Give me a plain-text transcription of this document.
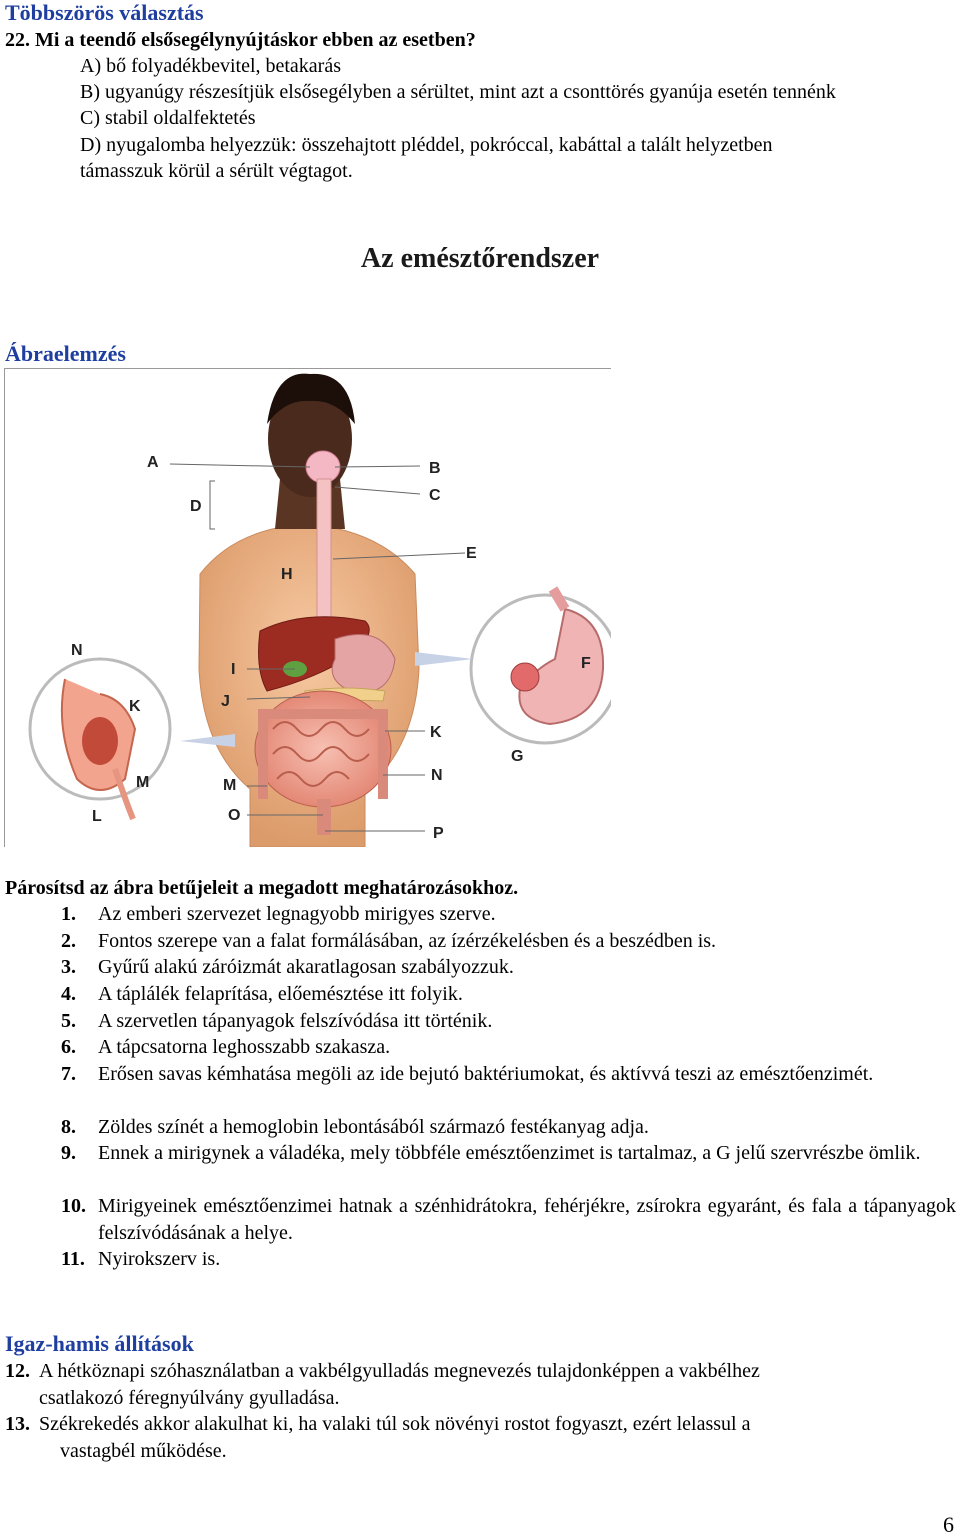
Többszörös választás
22. Mi a teendő elsősegélynyújtáskor ebben az esetben?
A) bő folyadékbevitel, betakarás
B) ugyanúgy részesítjük elsősegélyben a sérültet, mint azt a csonttörés gyanúja esetén tennénk
C) stabil oldalfektetés
D) nyugalomba helyezzük: összehajtott pléddel, pokróccal, kabáttal a talált helyzetben
támasszuk körül a sérült végtagot.
Az emésztőrendszer
Ábraelemzés
A	B
C
D
E
F
G
H
I
J
K
K
L
M	M
N
N
O
P
Párosítsd az ábra betűjeleit a megadott meghatározásokhoz.
1. Az emberi szervezet legnagyobb mirigyes szerve.
2. Fontos szerepe van a falat formálásában, az ízérzékelésben és a beszédben is.
3. Gyűrű alakú záróizmát akaratlagosan szabályozzuk.
4. A táplálék felaprítása, előemésztése itt folyik.
5. A szervetlen tápanyagok felszívódása itt történik.
6. A tápcsatorna leghosszabb szakasza.
7. Erősen savas kémhatása megöli az ide bejutó baktériumokat, és aktívvá teszi az emésztőenzimét.
8. Zöldes színét a hemoglobin lebontásából származó festékanyag adja.
9. Ennek a mirigynek a váladéka, mely többféle emésztőenzimet is tartalmaz, a G jelű szervrészbe ömlik.
10. Mirigyeinek emésztőenzimei hatnak a szénhidrátokra, fehérjékre, zsírokra egyaránt, és fala a tápanyagok felszívódásának a helye.
11. Nyirokszerv is.
Igaz-hamis állítások
12. A hétköznapi szóhasználatban a vakbélgyulladás megnevezés tulajdonképpen a vakbélhez
csatlakozó féregnyúlvány gyulladása.
13. Székrekedés akkor alakulhat ki, ha valaki túl sok növényi rostot fogyaszt, ezért lelassul a
vastagbél működése.
6
